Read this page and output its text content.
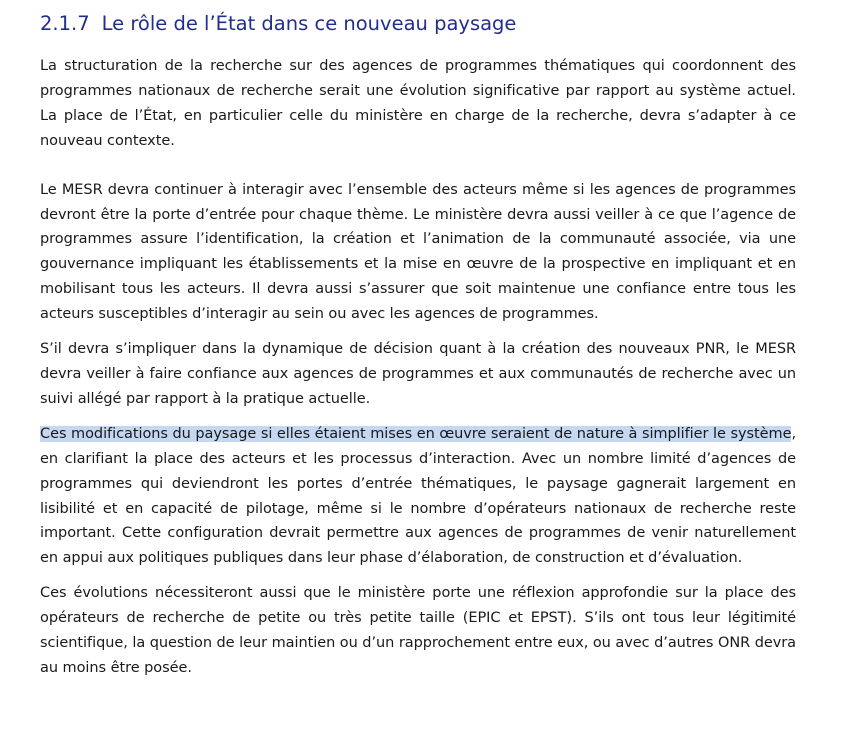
2.1.7 Le rôle de l’État dans ce nouveau paysage

La structuration de la recherche sur des agences de programmes thématiques qui coordonnent des programmes nationaux de recherche serait une évolution significative par rapport au système actuel. La place de l’État, en particulier celle du ministère en charge de la recherche, devra s’adapter à ce nouveau contexte.

Le MESR devra continuer à interagir avec l’ensemble des acteurs même si les agences de programmes devront être la porte d’entrée pour chaque thème. Le ministère devra aussi veiller à ce que l’agence de programmes assure l’identification, la création et l’animation de la communauté associée, via une gouvernance impliquant les établissements et la mise en œuvre de la prospective en impliquant et en mobilisant tous les acteurs. Il devra aussi s’assurer que soit maintenue une confiance entre tous les acteurs susceptibles d’interagir au sein ou avec les agences de programmes.

S’il devra s’impliquer dans la dynamique de décision quant à la création des nouveaux PNR, le MESR devra veiller à faire confiance aux agences de programmes et aux communautés de recherche avec un suivi allégé par rapport à la pratique actuelle.

Ces modifications du paysage si elles étaient mises en œuvre seraient de nature à simplifier le système, en clarifiant la place des acteurs et les processus d’interaction. Avec un nombre limité d’agences de programmes qui deviendront les portes d’entrée thématiques, le paysage gagnerait largement en lisibilité et en capacité de pilotage, même si le nombre d’opérateurs nationaux de recherche reste important. Cette configuration devrait permettre aux agences de programmes de venir naturellement en appui aux politiques publiques dans leur phase d’élaboration, de construction et d’évaluation.

Ces évolutions nécessiteront aussi que le ministère porte une réflexion approfondie sur la place des opérateurs de recherche de petite ou très petite taille (EPIC et EPST). S’ils ont tous leur légitimité scientifique, la question de leur maintien ou d’un rapprochement entre eux, ou avec d’autres ONR devra au moins être posée.
